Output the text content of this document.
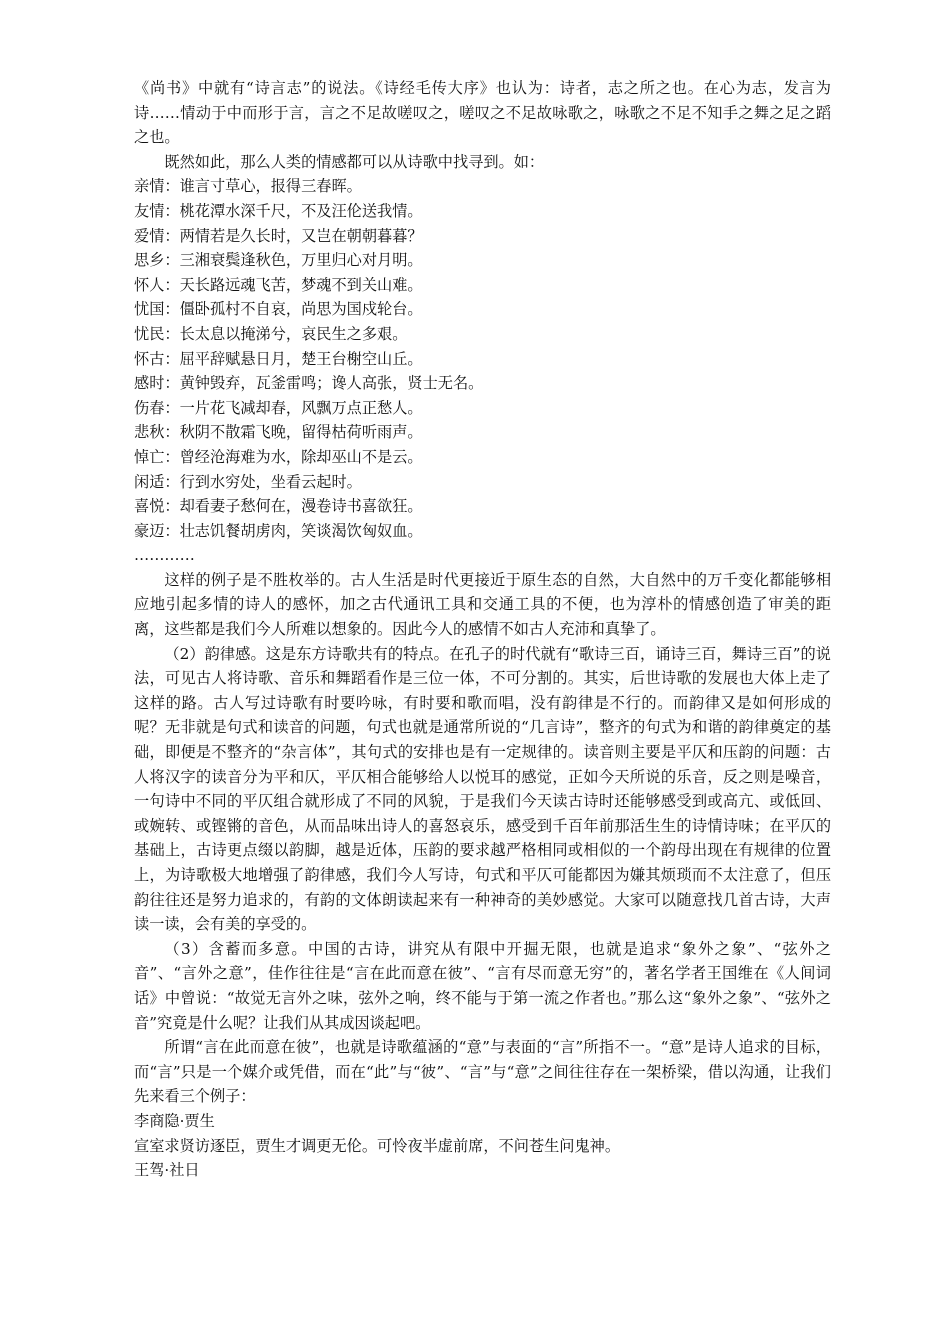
《尚书》中就有“诗言志”的说法。《诗经毛传大序》也认为：诗者，志之所之也。在心为志，发言为诗……情动于中而形于言，言之不足故嗟叹之，嗟叹之不足故咏歌之，咏歌之不足不知手之舞之足之蹈之也。

既然如此，那么人类的情感都可以从诗歌中找寻到。如：

亲情：谁言寸草心，报得三春晖。

友情：桃花潭水深千尺，不及汪伦送我情。

爱情：两情若是久长时，又岂在朝朝暮暮？

思乡：三湘衰鬓逢秋色，万里归心对月明。

怀人：天长路远魂飞苦，梦魂不到关山难。

忧国：僵卧孤村不自哀，尚思为国戍轮台。

忧民：长太息以掩涕兮，哀民生之多艰。

怀古：屈平辞赋悬日月，楚王台榭空山丘。

感时：黄钟毁弃，瓦釜雷鸣；谗人高张，贤士无名。

伤春：一片花飞减却春，风飘万点正愁人。

悲秋：秋阴不散霜飞晚，留得枯荷听雨声。

悼亡：曾经沧海难为水，除却巫山不是云。

闲适：行到水穷处，坐看云起时。

喜悦：却看妻子愁何在，漫卷诗书喜欲狂。

豪迈：壮志饥餐胡虏肉，笑谈渴饮匈奴血。

…………

这样的例子是不胜枚举的。古人生活是时代更接近于原生态的自然，大自然中的万千变化都能够相应地引起多情的诗人的感怀，加之古代通讯工具和交通工具的不便，也为淳朴的情感创造了审美的距离，这些都是我们今人所难以想象的。因此今人的感情不如古人充沛和真挚了。

（2）韵律感。这是东方诗歌共有的特点。在孔子的时代就有“歌诗三百，诵诗三百，舞诗三百”的说法，可见古人将诗歌、音乐和舞蹈看作是三位一体，不可分割的。其实，后世诗歌的发展也大体上走了这样的路。古人写过诗歌有时要吟咏，有时要和歌而唱，没有韵律是不行的。而韵律又是如何形成的呢？无非就是句式和读音的问题，句式也就是通常所说的“几言诗”，整齐的句式为和谐的韵律奠定的基础，即便是不整齐的“杂言体”，其句式的安排也是有一定规律的。读音则主要是平仄和压韵的问题：古人将汉字的读音分为平和仄，平仄相合能够给人以悦耳的感觉，正如今天所说的乐音，反之则是噪音，一句诗中不同的平仄组合就形成了不同的风貌，于是我们今天读古诗时还能够感受到或高亢、或低回、或婉转、或铿锵的音色，从而品味出诗人的喜怒哀乐，感受到千百年前那活生生的诗情诗味；在平仄的基础上，古诗更点缀以韵脚，越是近体，压韵的要求越严格相同或相似的一个韵母出现在有规律的位置上，为诗歌极大地增强了韵律感，我们今人写诗，句式和平仄可能都因为嫌其烦琐而不太注意了，但压韵往往还是努力追求的，有韵的文体朗读起来有一种神奇的美妙感觉。大家可以随意找几首古诗，大声读一读，会有美的享受的。

（3）含蓄而多意。中国的古诗，讲究从有限中开掘无限，也就是追求“象外之象”、“弦外之音”、“言外之意”，佳作往往是“言在此而意在彼”、“言有尽而意无穷”的，著名学者王国维在《人间词话》中曾说：“故觉无言外之味，弦外之响，终不能与于第一流之作者也。”那么这“象外之象”、“弦外之音”究竟是什么呢？让我们从其成因谈起吧。

所谓“言在此而意在彼”，也就是诗歌蕴涵的“意”与表面的“言”所指不一。“意”是诗人追求的目标，而“言”只是一个媒介或凭借，而在“此”与“彼”、“言”与“意”之间往往存在一架桥梁，借以沟通，让我们先来看三个例子：

李商隐·贾生

宣室求贤访逐臣，贾生才调更无伦。可怜夜半虚前席，不问苍生问鬼神。

王驾·社日
